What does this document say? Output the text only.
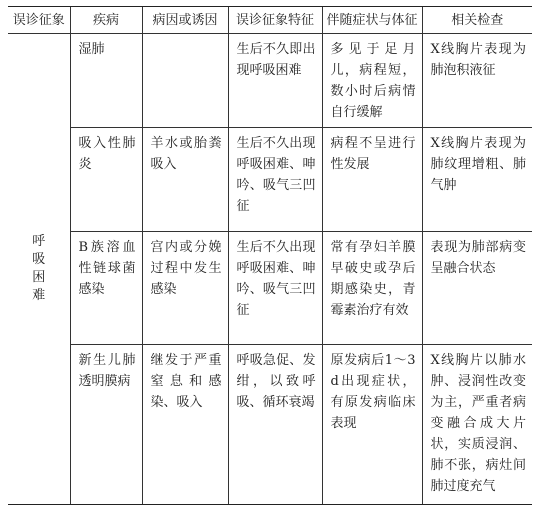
误诊征象	疾病	病因或诱因	误诊征象特征	伴随症状与体征	相关检查
呼吸困难	湿肺		生后不久即出现呼吸困难	多见于足月儿，病程短，数小时后病情自行缓解	X线胸片表现为肺泡积液征

	吸入性肺炎	羊水或胎粪吸入	生后不久出现呼吸困难、呻吟、吸气三凹征	病程不呈进行性发展	X线胸片表现为肺纹理增粗、肺气肿

	B族溶血性链球菌感染	宫内或分娩过程中发生感染	生后不久出现呼吸困难、呻吟、吸气三凹征	常有孕妇羊膜早破史或孕后期感染史，青霉素治疗有效	表现为肺部病变呈融合状态

	新生儿肺透明膜病	继发于严重窒息和感染、吸入	呼吸急促、发绀，以致呼吸、循环衰竭	原发病后1～3d出现症状，有原发病临床表现	X线胸片以肺水肿、浸润性改变为主，严重者病变融合成大片状，实质浸润、肺不张，病灶间肺过度充气
